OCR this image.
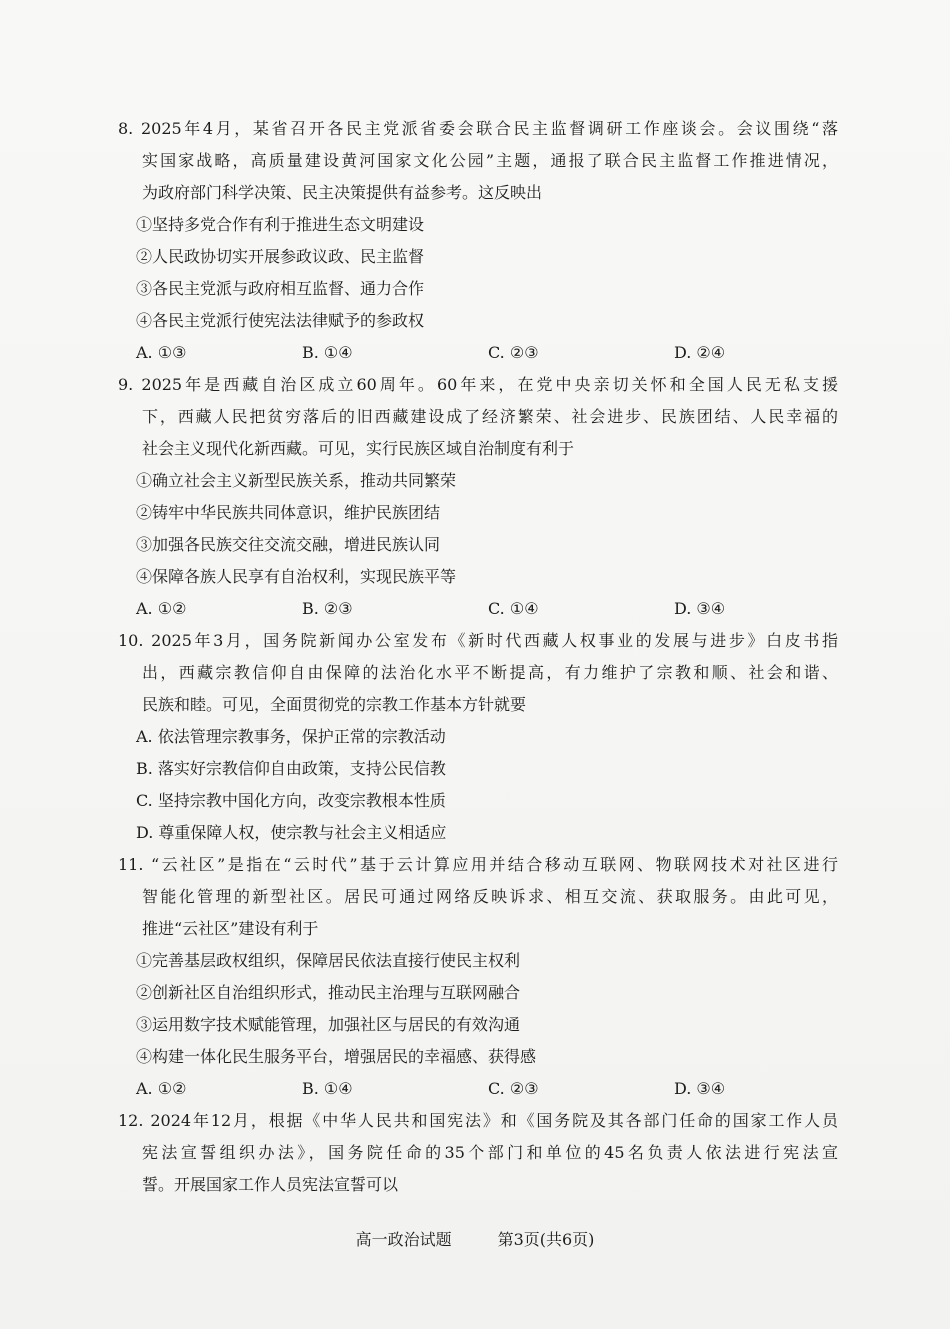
8. 2025年4月，某省召开各民主党派省委会联合民主监督调研工作座谈会。会议围绕“落
实国家战略，高质量建设黄河国家文化公园”主题，通报了联合民主监督工作推进情况，
为政府部门科学决策、民主决策提供有益参考。这反映出
①坚持多党合作有利于推进生态文明建设
②人民政协切实开展参政议政、民主监督
③各民主党派与政府相互监督、通力合作
④各民主党派行使宪法法律赋予的参政权
A. ①③	B. ①④	C. ②③	D. ②④
9. 2025年是西藏自治区成立60周年。60年来，在党中央亲切关怀和全国人民无私支援
下，西藏人民把贫穷落后的旧西藏建设成了经济繁荣、社会进步、民族团结、人民幸福的
社会主义现代化新西藏。可见，实行民族区域自治制度有利于
①确立社会主义新型民族关系，推动共同繁荣
②铸牢中华民族共同体意识，维护民族团结
③加强各民族交往交流交融，增进民族认同
④保障各族人民享有自治权利，实现民族平等
A. ①②	B. ②③	C. ①④	D. ③④
10. 2025年3月，国务院新闻办公室发布《新时代西藏人权事业的发展与进步》白皮书指
出，西藏宗教信仰自由保障的法治化水平不断提高，有力维护了宗教和顺、社会和谐、
民族和睦。可见，全面贯彻党的宗教工作基本方针就要
A. 依法管理宗教事务，保护正常的宗教活动
B. 落实好宗教信仰自由政策，支持公民信教
C. 坚持宗教中国化方向，改变宗教根本性质
D. 尊重保障人权，使宗教与社会主义相适应
11. “云社区”是指在“云时代”基于云计算应用并结合移动互联网、物联网技术对社区进行
智能化管理的新型社区。居民可通过网络反映诉求、相互交流、获取服务。由此可见，
推进“云社区”建设有利于
①完善基层政权组织，保障居民依法直接行使民主权利
②创新社区自治组织形式，推动民主治理与互联网融合
③运用数字技术赋能管理，加强社区与居民的有效沟通
④构建一体化民生服务平台，增强居民的幸福感、获得感
A. ①②	B. ①④	C. ②③	D. ③④
12. 2024年12月，根据《中华人民共和国宪法》和《国务院及其各部门任命的国家工作人员
宪法宣誓组织办法》，国务院任命的35个部门和单位的45名负责人依法进行宪法宣
誓。开展国家工作人员宪法宣誓可以
高一政治试题	第3页(共6页)
